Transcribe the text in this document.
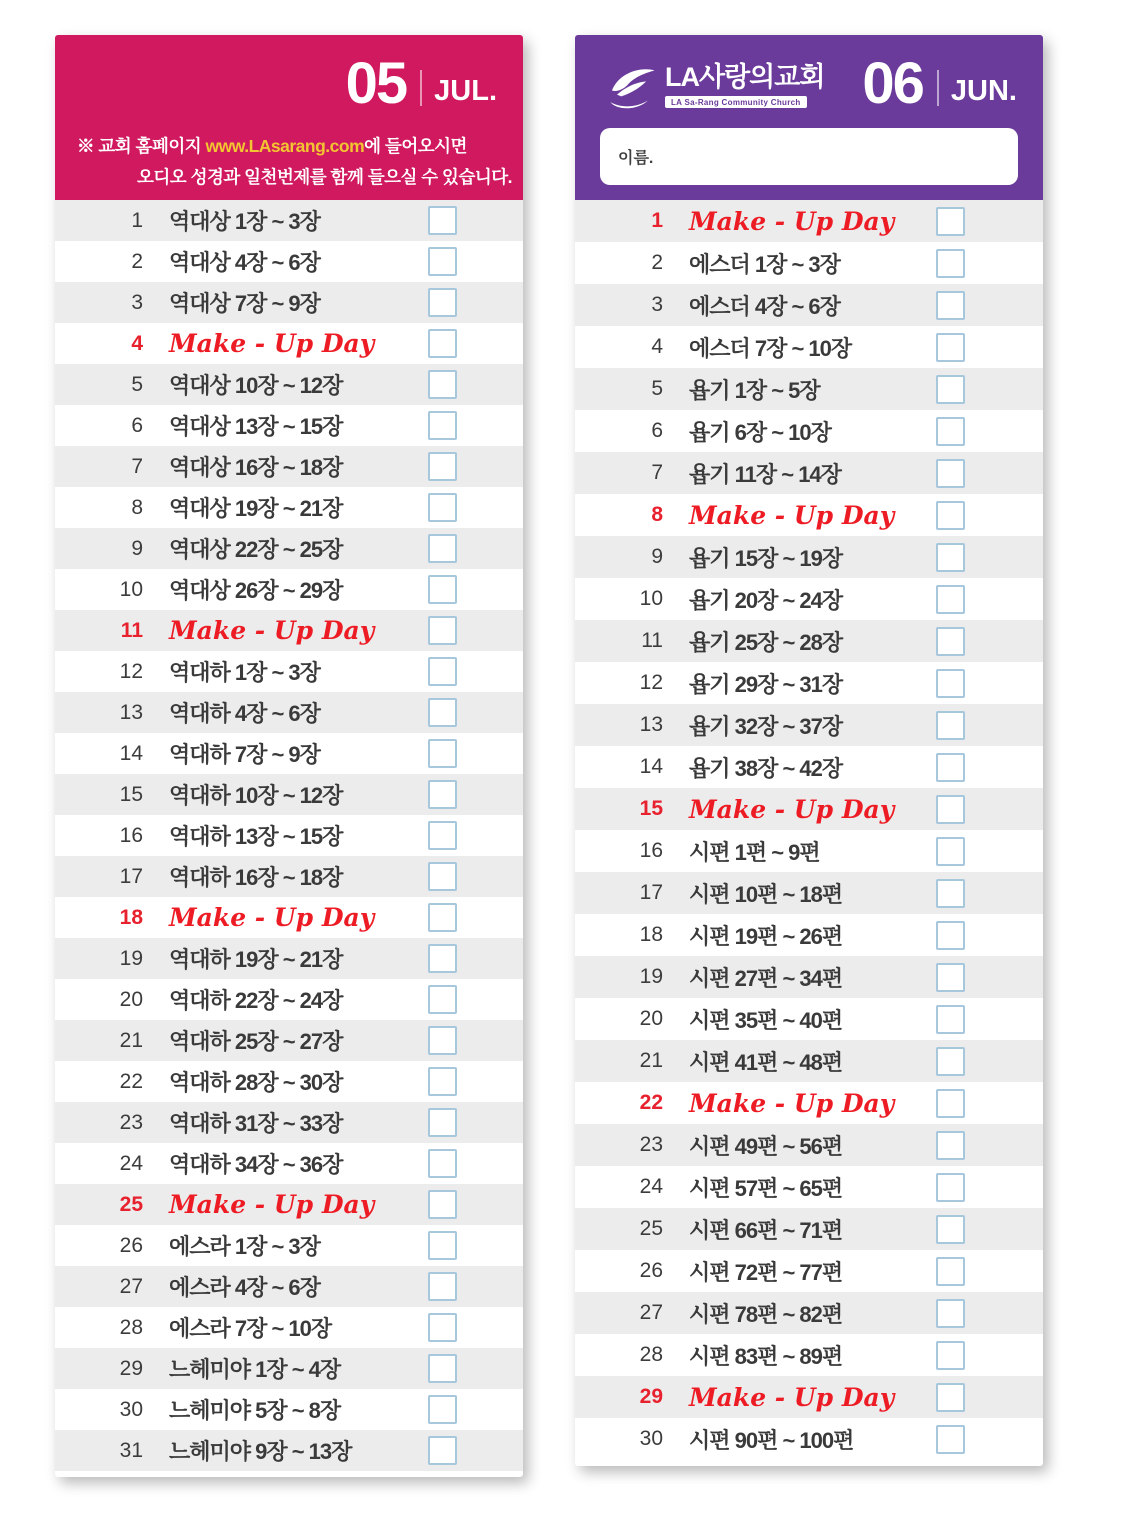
05 JUL.
※ 교회 홈페이지 www.LAsarang.com에 들어오시면
오디오 성경과 일천번제를 함께 들으실 수 있습니다.
1 역대상 1장 ~ 3장
2 역대상 4장 ~ 6장
3 역대상 7장 ~ 9장
4 Make - Up Day
5 역대상 10장 ~ 12장
6 역대상 13장 ~ 15장
7 역대상 16장 ~ 18장
8 역대상 19장 ~ 21장
9 역대상 22장 ~ 25장
10 역대상 26장 ~ 29장
11 Make - Up Day
12 역대하 1장 ~ 3장
13 역대하 4장 ~ 6장
14 역대하 7장 ~ 9장
15 역대하 10장 ~ 12장
16 역대하 13장 ~ 15장
17 역대하 16장 ~ 18장
18 Make - Up Day
19 역대하 19장 ~ 21장
20 역대하 22장 ~ 24장
21 역대하 25장 ~ 27장
22 역대하 28장 ~ 30장
23 역대하 31장 ~ 33장
24 역대하 34장 ~ 36장
25 Make - Up Day
26 에스라 1장 ~ 3장
27 에스라 4장 ~ 6장
28 에스라 7장 ~ 10장
29 느헤미야 1장 ~ 4장
30 느헤미야 5장 ~ 8장
31 느헤미야 9장 ~ 13장
LA사랑의교회
LA Sa-Rang Community Church 06 JUN.
이름.
1 Make - Up Day
2 에스더 1장 ~ 3장
3 에스더 4장 ~ 6장
4 에스더 7장 ~ 10장
5 욥기 1장 ~ 5장
6 욥기 6장 ~ 10장
7 욥기 11장 ~ 14장
8 Make - Up Day
9 욥기 15장 ~ 19장
10 욥기 20장 ~ 24장
11 욥기 25장 ~ 28장
12 욥기 29장 ~ 31장
13 욥기 32장 ~ 37장
14 욥기 38장 ~ 42장
15 Make - Up Day
16 시편 1편 ~ 9편
17 시편 10편 ~ 18편
18 시편 19편 ~ 26편
19 시편 27편 ~ 34편
20 시편 35편 ~ 40편
21 시편 41편 ~ 48편
22 Make - Up Day
23 시편 49편 ~ 56편
24 시편 57편 ~ 65편
25 시편 66편 ~ 71편
26 시편 72편 ~ 77편
27 시편 78편 ~ 82편
28 시편 83편 ~ 89편
29 Make - Up Day
30 시편 90편 ~ 100편
